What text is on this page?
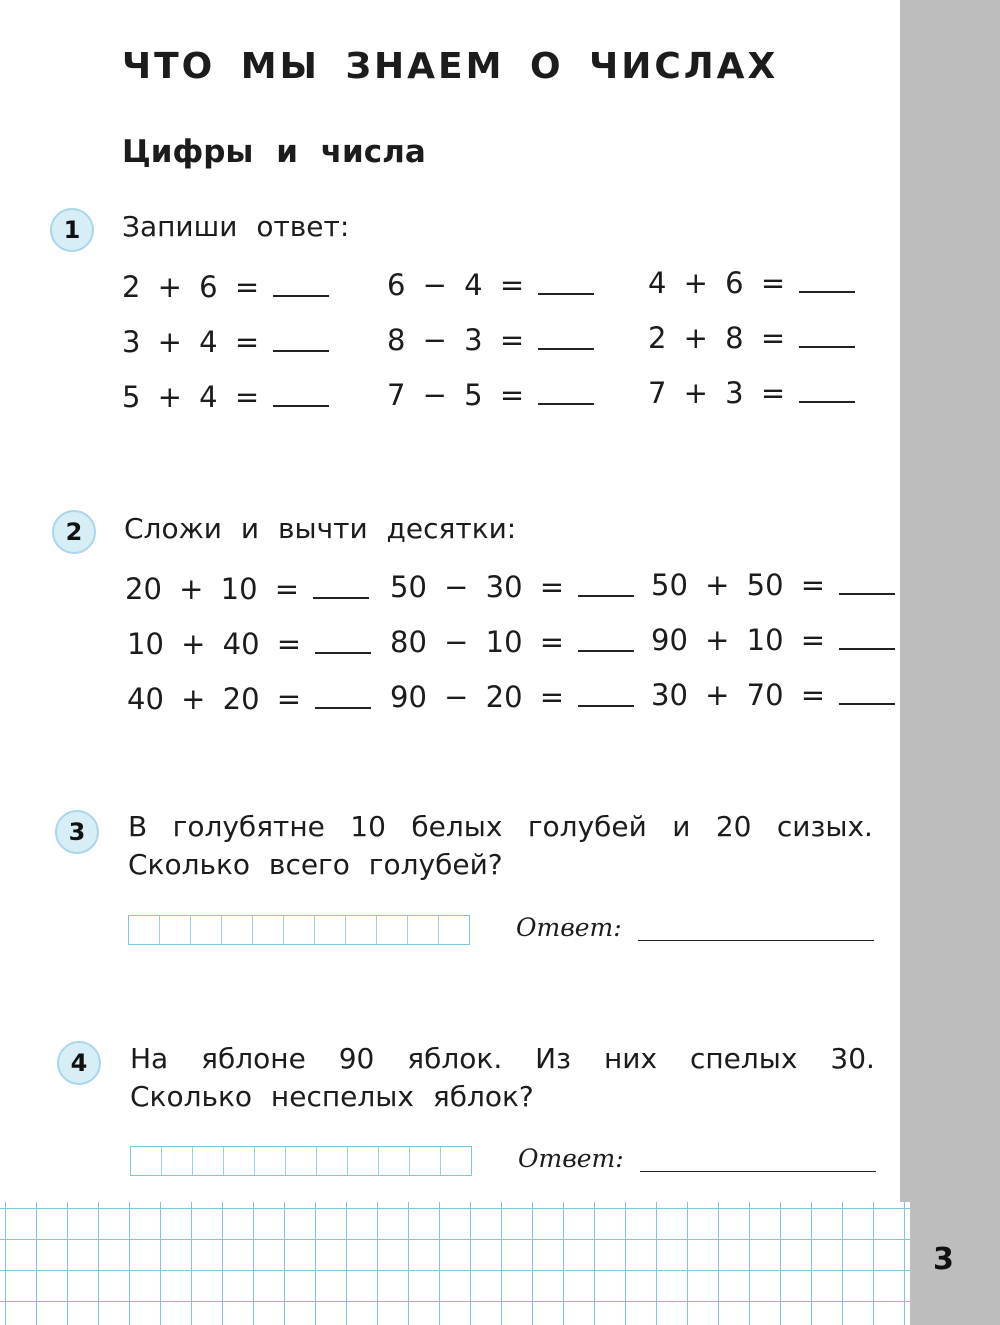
ЧТО МЫ ЗНАЕМ О ЧИСЛАХ
Цифры и числа
1	Запиши ответ:
2 + 6 =	6 − 4 =	4 + 6 =
3 + 4 =	8 − 3 =	2 + 8 =
5 + 4 =	7 − 5 =	7 + 3 =
2	Сложи и вычти десятки:
20 + 10 =	50 − 30 =	50 + 50 =
10 + 40 =	80 − 10 =	90 + 10 =
40 + 20 =	90 − 20 =	30 + 70 =
3	В голубятне 10 белых голубей и 20 сизых.
Сколько всего голубей?
Ответ:
4	На яблоне 90 яблок. Из них спелых 30.
Сколько неспелых яблок?
Ответ:
3
